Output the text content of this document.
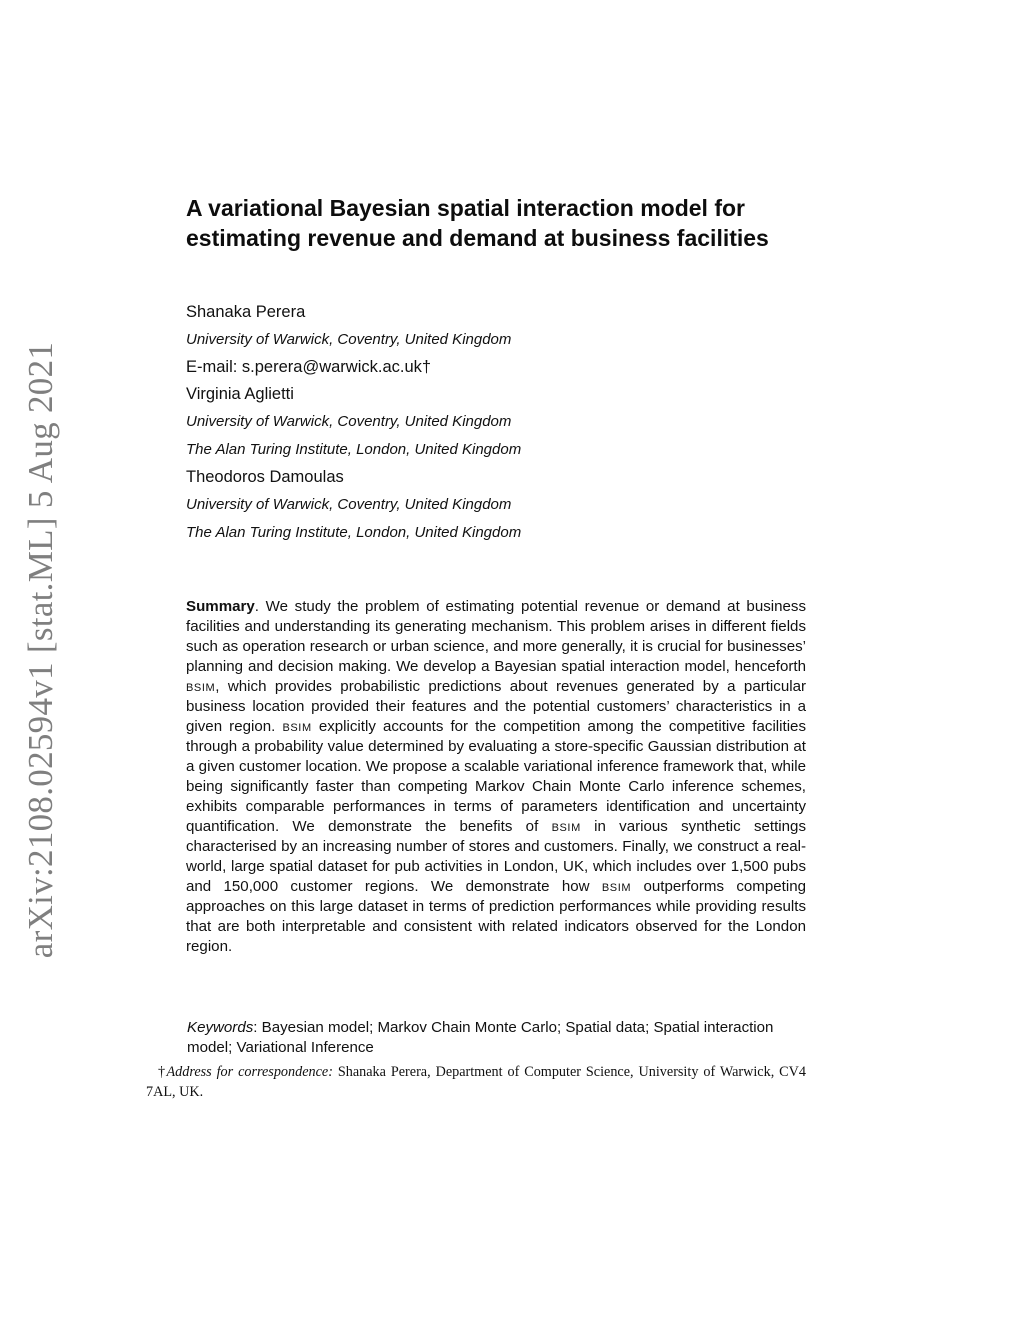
arXiv:2108.02594v1 [stat.ML] 5 Aug 2021
A variational Bayesian spatial interaction model for estimating revenue and demand at business facilities
Shanaka Perera
University of Warwick, Coventry, United Kingdom
E-mail: s.perera@warwick.ac.uk†
Virginia Aglietti
University of Warwick, Coventry, United Kingdom
The Alan Turing Institute, London, United Kingdom
Theodoros Damoulas
University of Warwick, Coventry, United Kingdom
The Alan Turing Institute, London, United Kingdom
Summary. We study the problem of estimating potential revenue or demand at business facilities and understanding its generating mechanism. This problem arises in different fields such as operation research or urban science, and more generally, it is crucial for businesses’ planning and decision making. We develop a Bayesian spatial interaction model, henceforth bsim, which provides probabilistic predictions about revenues generated by a particular business location provided their features and the potential customers’ characteristics in a given region. bsim explicitly accounts for the competition among the competitive facilities through a probability value determined by evaluating a store-specific Gaussian distribution at a given customer location. We propose a scalable variational inference framework that, while being significantly faster than competing Markov Chain Monte Carlo inference schemes, exhibits comparable performances in terms of parameters identification and uncertainty quantification. We demonstrate the benefits of bsim in various synthetic settings characterised by an increasing number of stores and customers. Finally, we construct a real-world, large spatial dataset for pub activities in London, UK, which includes over 1,500 pubs and 150,000 customer regions. We demonstrate how bsim outperforms competing approaches on this large dataset in terms of prediction performances while providing results that are both interpretable and consistent with related indicators observed for the London region.
Keywords: Bayesian model; Markov Chain Monte Carlo; Spatial data; Spatial interaction model; Variational Inference
†Address for correspondence: Shanaka Perera, Department of Computer Science, University of Warwick, CV4 7AL, UK.
